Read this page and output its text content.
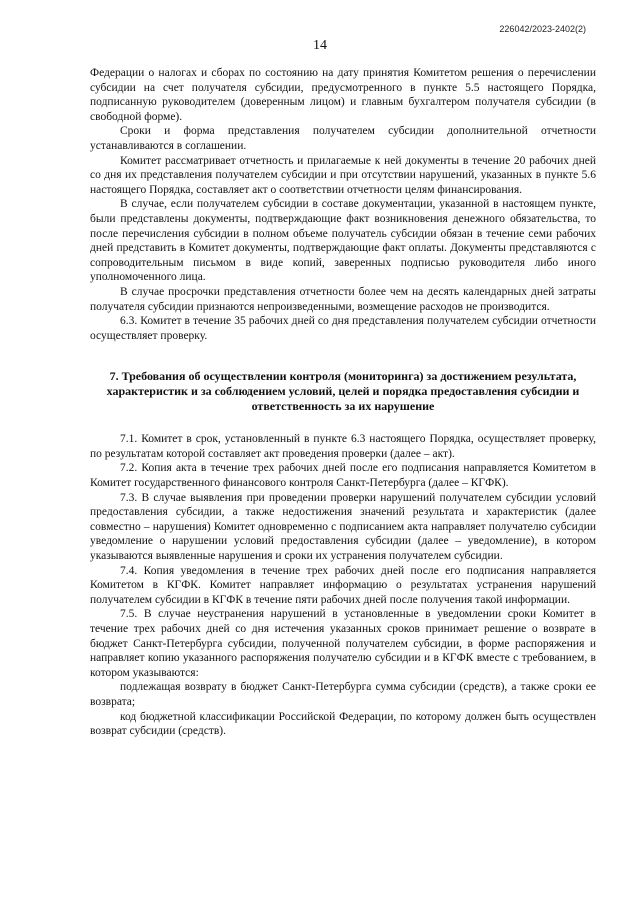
226042/2023-2402(2)
14

Федерации о налогах и сборах по состоянию на дату принятия Комитетом решения о перечислении субсидии на счет получателя субсидии, предусмотренного в пункте 5.5 настоящего Порядка, подписанную руководителем (доверенным лицом) и главным бухгалтером получателя субсидии (в свободной форме).

Сроки и форма представления получателем субсидии дополнительной отчетности устанавливаются в соглашении.

Комитет рассматривает отчетность и прилагаемые к ней документы в течение 20 рабочих дней со дня их представления получателем субсидии и при отсутствии нарушений, указанных в пункте 5.6 настоящего Порядка, составляет акт о соответствии отчетности целям финансирования.

В случае, если получателем субсидии в составе документации, указанной в настоящем пункте, были представлены документы, подтверждающие факт возникновения денежного обязательства, то после перечисления субсидии в полном объеме получатель субсидии обязан в течение семи рабочих дней представить в Комитет документы, подтверждающие факт оплаты. Документы представляются с сопроводительным письмом в виде копий, заверенных подписью руководителя либо иного уполномоченного лица.

В случае просрочки представления отчетности более чем на десять календарных дней затраты получателя субсидии признаются непроизведенными, возмещение расходов не производится.

6.3. Комитет в течение 35 рабочих дней со дня представления получателем субсидии отчетности осуществляет проверку.

7. Требования об осуществлении контроля (мониторинга) за достижением результата, характеристик и за соблюдением условий, целей и порядка предоставления субсидии и ответственность за их нарушение

7.1. Комитет в срок, установленный в пункте 6.3 настоящего Порядка, осуществляет проверку, по результатам которой составляет акт проведения проверки (далее – акт).

7.2. Копия акта в течение трех рабочих дней после его подписания направляется Комитетом в Комитет государственного финансового контроля Санкт-Петербурга (далее – КГФК).

7.3. В случае выявления при проведении проверки нарушений получателем субсидии условий предоставления субсидии, а также недостижения значений результата и характеристик (далее совместно – нарушения) Комитет одновременно с подписанием акта направляет получателю субсидии уведомление о нарушении условий предоставления субсидии (далее – уведомление), в котором указываются выявленные нарушения и сроки их устранения получателем субсидии.

7.4. Копия уведомления в течение трех рабочих дней после его подписания направляется Комитетом в КГФК. Комитет направляет информацию о результатах устранения нарушений получателем субсидии в КГФК в течение пяти рабочих дней после получения такой информации.

7.5. В случае неустранения нарушений в установленные в уведомлении сроки Комитет в течение трех рабочих дней со дня истечения указанных сроков принимает решение о возврате в бюджет Санкт-Петербурга субсидии, полученной получателем субсидии, в форме распоряжения и направляет копию указанного распоряжения получателю субсидии и в КГФК вместе с требованием, в котором указываются:

подлежащая возврату в бюджет Санкт-Петербурга сумма субсидии (средств), а также сроки ее возврата;

код бюджетной классификации Российской Федерации, по которому должен быть осуществлен возврат субсидии (средств).
